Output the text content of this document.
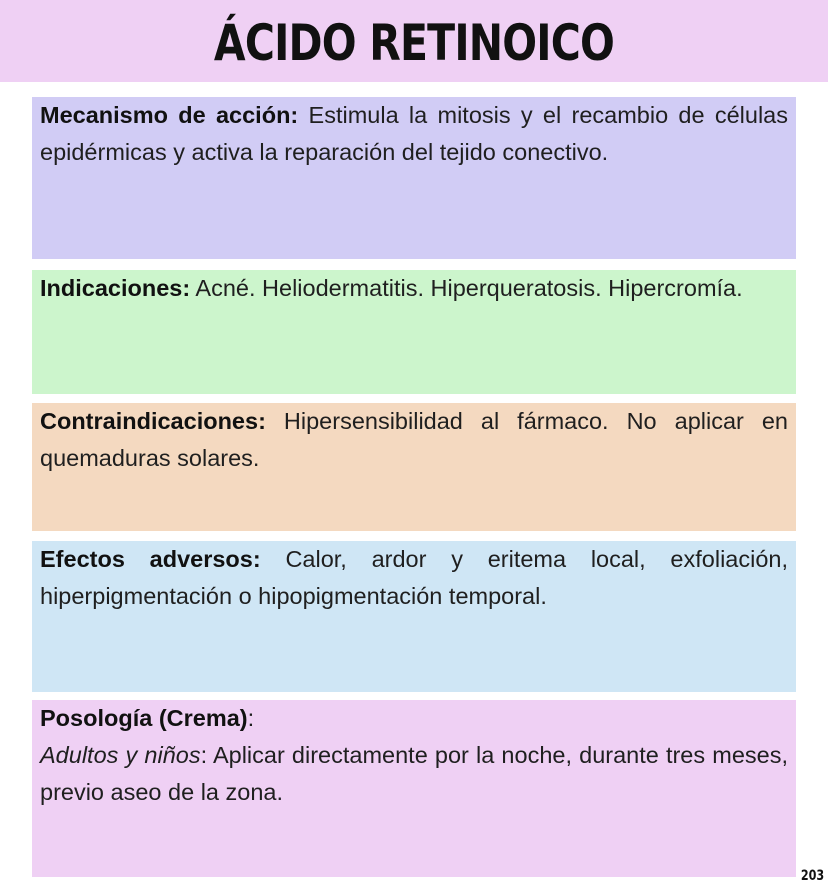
ÁCIDO RETINOICO

Mecanismo de acción: Estimula la mitosis y el recambio de células epidérmicas y activa la reparación del tejido conectivo.

Indicaciones: Acné. Heliodermatitis. Hiperqueratosis. Hipercromía.

Contraindicaciones: Hipersensibilidad al fármaco. No aplicar en quemaduras solares.

Efectos adversos: Calor, ardor y eritema local, exfoliación, hiperpigmentación o hipopigmentación temporal.

Posología (Crema):

Adultos y niños: Aplicar directamente por la noche, durante tres meses, previo aseo de la zona.

203
